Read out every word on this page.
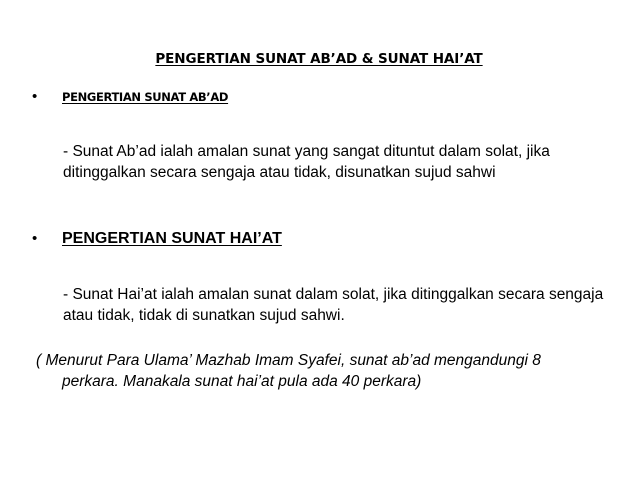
PENGERTIAN SUNAT AB’AD & SUNAT HAI’AT
•	PENGERTIAN SUNAT AB’AD
- Sunat Ab’ad ialah amalan sunat yang sangat dituntut dalam solat, jika ditinggalkan secara sengaja atau tidak, disunatkan sujud sahwi
•	PENGERTIAN SUNAT HAI’AT
- Sunat Hai’at ialah amalan sunat dalam solat, jika ditinggalkan secara sengaja atau tidak, tidak di sunatkan sujud sahwi.
( Menurut Para Ulama’ Mazhab Imam Syafei, sunat ab’ad mengandungi 8 perkara. Manakala sunat hai’at pula ada 40 perkara)
